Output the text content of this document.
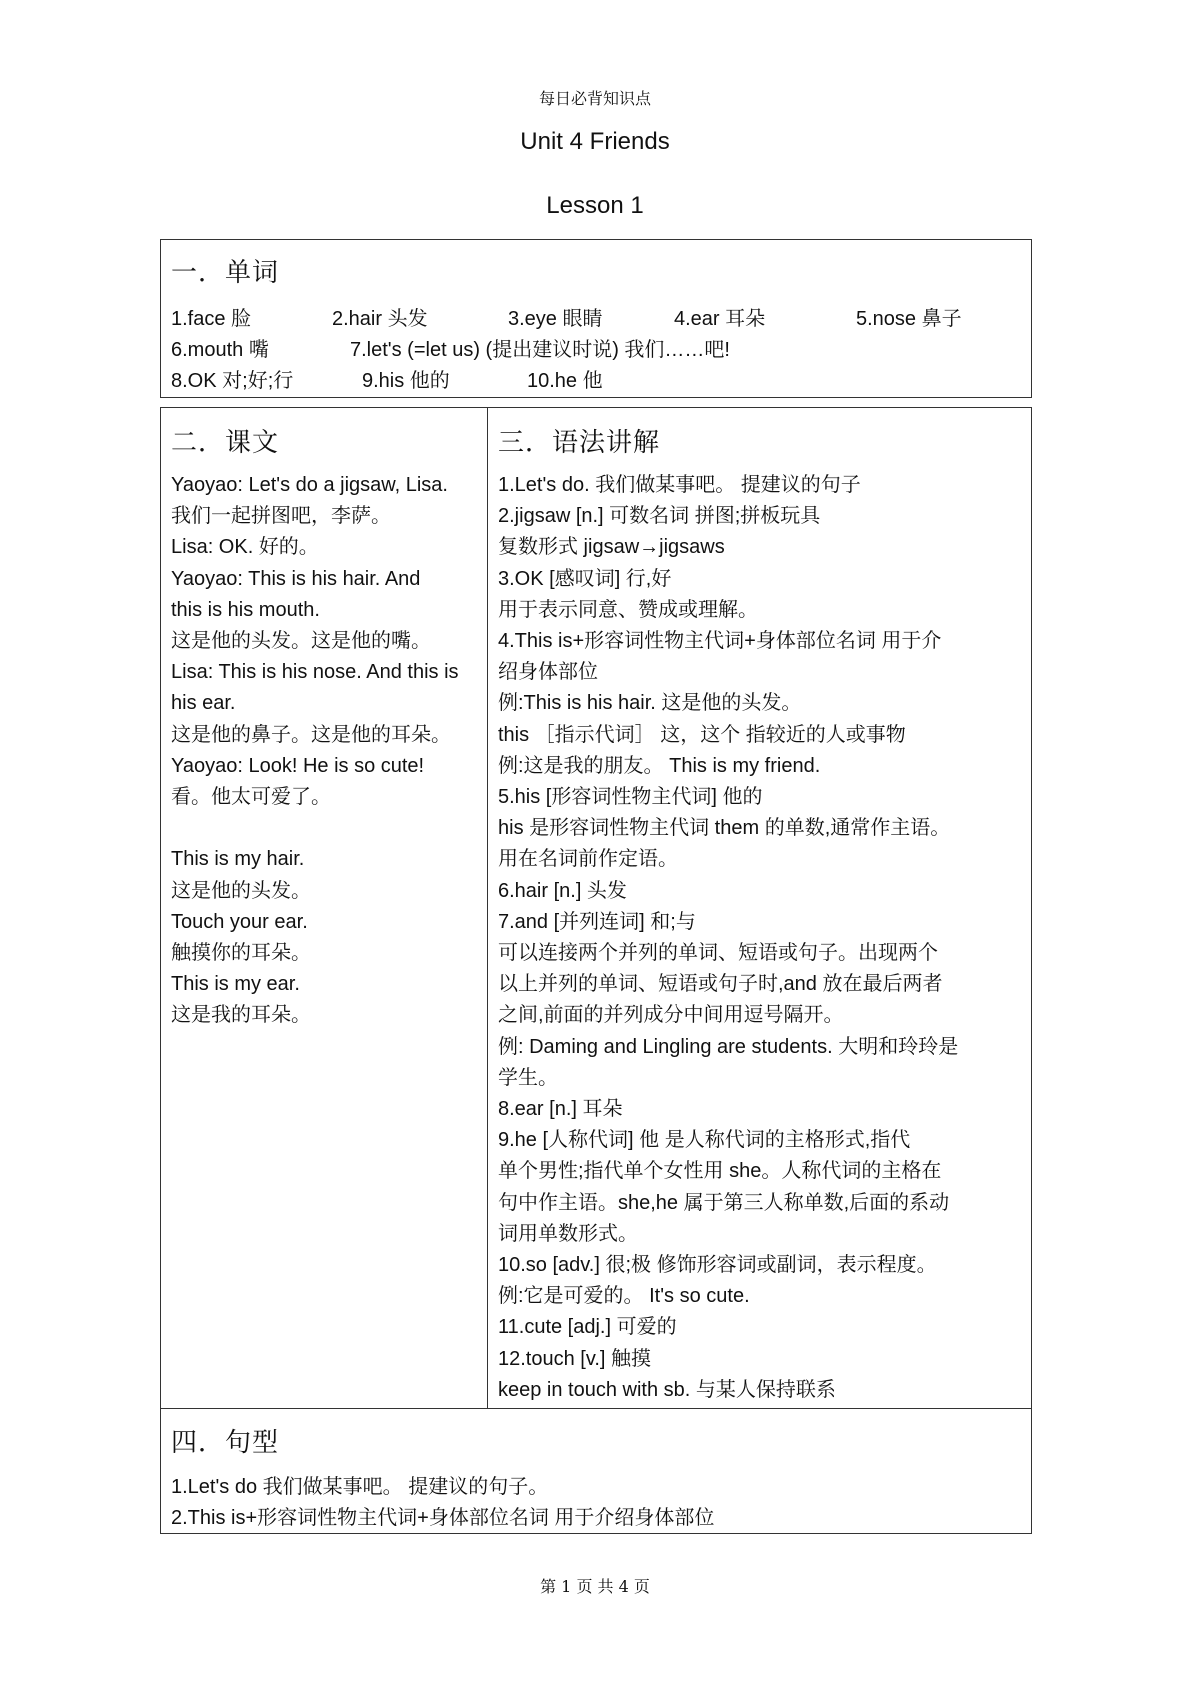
每日必背知识点
Unit 4 Friends
Lesson 1
一．单词
1.face 脸	2.hair 头发	3.eye 眼睛	4.ear 耳朵	5.nose 鼻子
6.mouth 嘴	7.let's (=let us) (提出建议时说) 我们……吧!
8.OK 对;好;行	9.his 他的	10.he 他
二．课文
Yaoyao: Let's do a jigsaw, Lisa.
我们一起拼图吧，李萨。
Lisa: OK. 好的。
Yaoyao: This is his hair. And
this is his mouth.
这是他的头发。这是他的嘴。
Lisa: This is his nose. And this is
his ear.
这是他的鼻子。这是他的耳朵。
Yaoyao: Look! He is so cute!
看。他太可爱了。
This is my hair.
这是他的头发。
Touch your ear.
触摸你的耳朵。
This is my ear.
这是我的耳朵。
三．语法讲解
1.Let's do. 我们做某事吧。 提建议的句子
2.jigsaw [n.] 可数名词 拼图;拼板玩具
复数形式 jigsaw→jigsaws
3.OK [感叹词] 行,好
用于表示同意、赞成或理解。
4.This is+形容词性物主代词+身体部位名词 用于介
绍身体部位
例:This is his hair. 这是他的头发。
this ［指示代词］ 这，这个 指较近的人或事物
例:这是我的朋友。 This is my friend.
5.his [形容词性物主代词] 他的
his 是形容词性物主代词 them 的单数,通常作主语。
用在名词前作定语。
6.hair [n.] 头发
7.and [并列连词] 和;与
可以连接两个并列的单词、短语或句子。出现两个
以上并列的单词、短语或句子时,and 放在最后两者
之间,前面的并列成分中间用逗号隔开。
例: Daming and Lingling are students. 大明和玲玲是
学生。
8.ear [n.] 耳朵
9.he [人称代词] 他 是人称代词的主格形式,指代
单个男性;指代单个女性用 she。人称代词的主格在
句中作主语。she,he 属于第三人称单数,后面的系动
词用单数形式。
10.so [adv.] 很;极 修饰形容词或副词，表示程度。
例:它是可爱的。 It's so cute.
11.cute [adj.] 可爱的
12.touch [v.] 触摸
keep in touch with sb. 与某人保持联系
四．句型
1.Let's do 我们做某事吧。 提建议的句子。
2.This is+形容词性物主代词+身体部位名词 用于介绍身体部位
第 1 页 共 4 页
